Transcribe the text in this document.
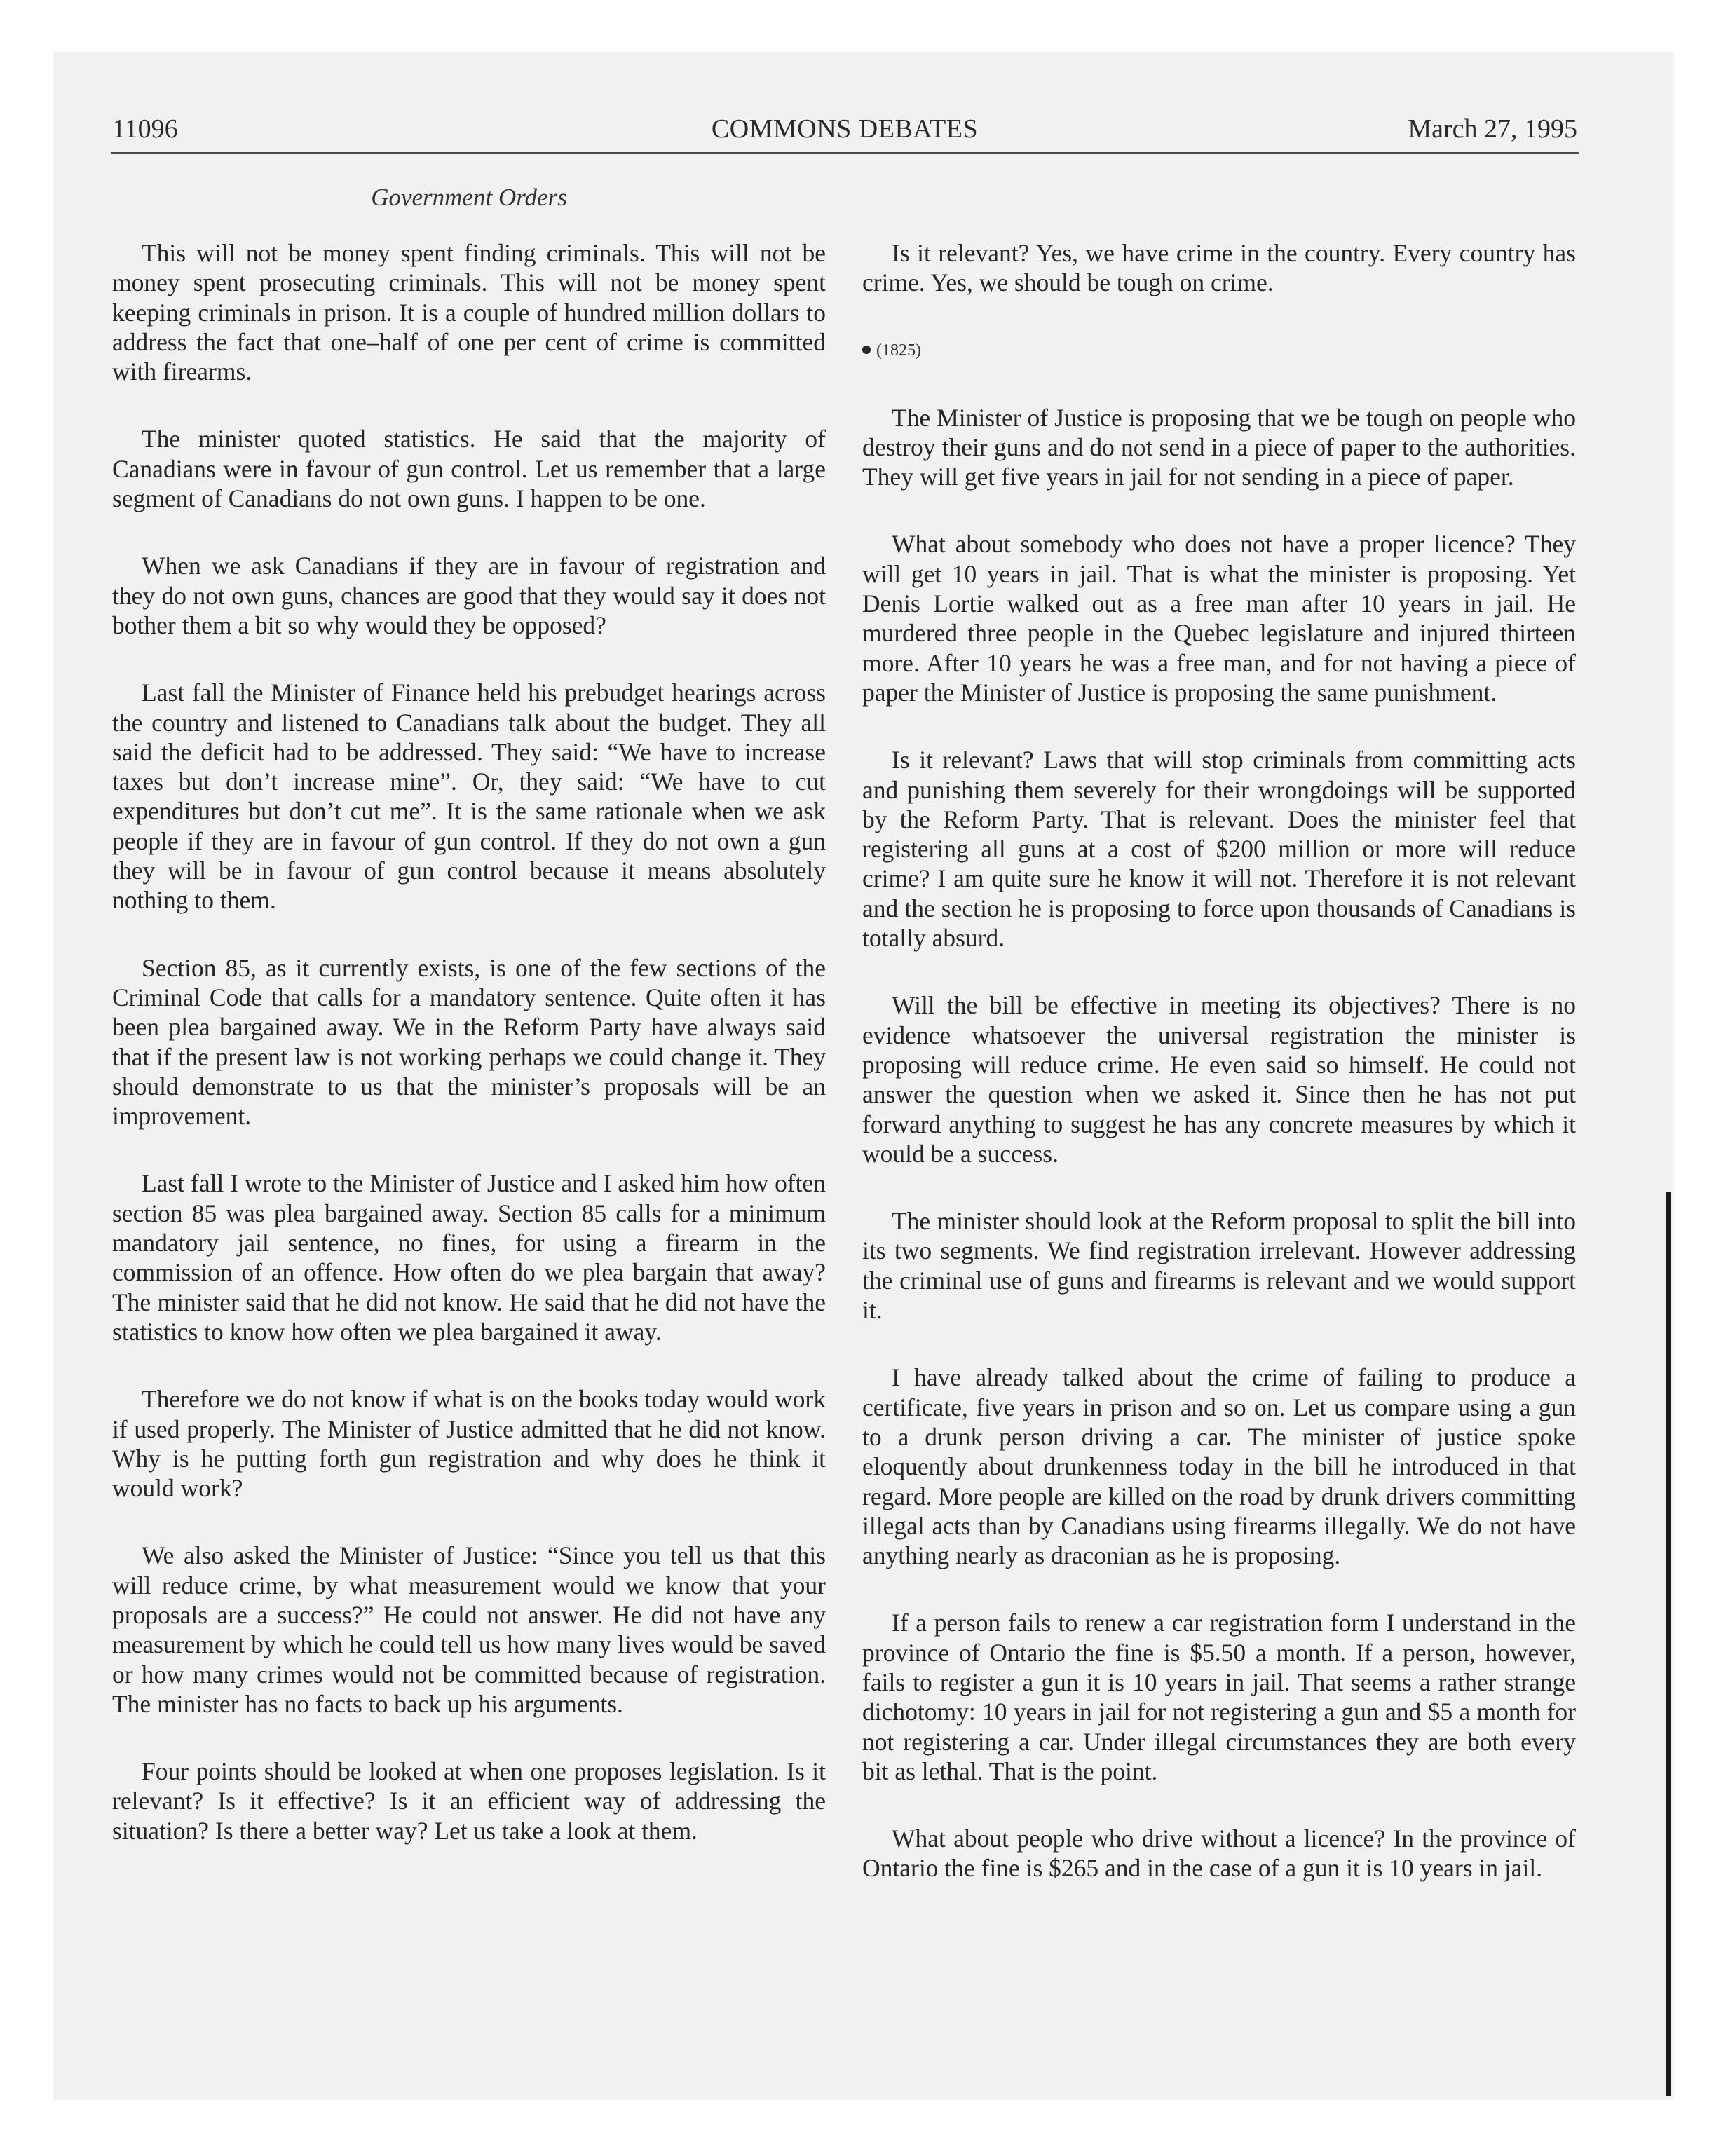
11096	COMMONS DEBATES	March 27, 1995
Government Orders

This will not be money spent finding criminals. This will not be money spent prosecuting criminals. This will not be money spent keeping criminals in prison. It is a couple of hundred million dollars to address the fact that one–half of one per cent of crime is committed with firearms.

The minister quoted statistics. He said that the majority of Canadians were in favour of gun control. Let us remember that a large segment of Canadians do not own guns. I happen to be one.

When we ask Canadians if they are in favour of registration and they do not own guns, chances are good that they would say it does not bother them a bit so why would they be opposed?

Last fall the Minister of Finance held his prebudget hearings across the country and listened to Canadians talk about the budget. They all said the deficit had to be addressed. They said: “We have to increase taxes but don’t increase mine”. Or, they said: “We have to cut expenditures but don’t cut me”. It is the same rationale when we ask people if they are in favour of gun control. If they do not own a gun they will be in favour of gun control because it means absolutely nothing to them.

Section 85, as it currently exists, is one of the few sections of the Criminal Code that calls for a mandatory sentence. Quite often it has been plea bargained away. We in the Reform Party have always said that if the present law is not working perhaps we could change it. They should demonstrate to us that the minister’s proposals will be an improvement.

Last fall I wrote to the Minister of Justice and I asked him how often section 85 was plea bargained away. Section 85 calls for a minimum mandatory jail sentence, no fines, for using a firearm in the commission of an offence. How often do we plea bargain that away? The minister said that he did not know. He said that he did not have the statistics to know how often we plea bargained it away.

Therefore we do not know if what is on the books today would work if used properly. The Minister of Justice admitted that he did not know. Why is he putting forth gun registration and why does he think it would work?

We also asked the Minister of Justice: “Since you tell us that this will reduce crime, by what measurement would we know that your proposals are a success?” He could not answer. He did not have any measurement by which he could tell us how many lives would be saved or how many crimes would not be committed because of registration. The minister has no facts to back up his arguments.

Four points should be looked at when one proposes legislation. Is it relevant? Is it effective? Is it an efficient way of addressing the situation? Is there a better way? Let us take a look at them.

Is it relevant? Yes, we have crime in the country. Every country has crime. Yes, we should be tough on crime.

(1825)

The Minister of Justice is proposing that we be tough on people who destroy their guns and do not send in a piece of paper to the authorities. They will get five years in jail for not sending in a piece of paper.

What about somebody who does not have a proper licence? They will get 10 years in jail. That is what the minister is proposing. Yet Denis Lortie walked out as a free man after 10 years in jail. He murdered three people in the Quebec legislature and injured thirteen more. After 10 years he was a free man, and for not having a piece of paper the Minister of Justice is proposing the same punishment.

Is it relevant? Laws that will stop criminals from committing acts and punishing them severely for their wrongdoings will be supported by the Reform Party. That is relevant. Does the minister feel that registering all guns at a cost of $200 million or more will reduce crime? I am quite sure he know it will not. Therefore it is not relevant and the section he is proposing to force upon thousands of Canadians is totally absurd.

Will the bill be effective in meeting its objectives? There is no evidence whatsoever the universal registration the minister is proposing will reduce crime. He even said so himself. He could not answer the question when we asked it. Since then he has not put forward anything to suggest he has any concrete measures by which it would be a success.

The minister should look at the Reform proposal to split the bill into its two segments. We find registration irrelevant. However addressing the criminal use of guns and firearms is relevant and we would support it.

I have already talked about the crime of failing to produce a certificate, five years in prison and so on. Let us compare using a gun to a drunk person driving a car. The minister of justice spoke eloquently about drunkenness today in the bill he introduced in that regard. More people are killed on the road by drunk drivers committing illegal acts than by Canadians using firearms illegally. We do not have anything nearly as draconian as he is proposing.

If a person fails to renew a car registration form I understand in the province of Ontario the fine is $5.50 a month. If a person, however, fails to register a gun it is 10 years in jail. That seems a rather strange dichotomy: 10 years in jail for not registering a gun and $5 a month for not registering a car. Under illegal circumstances they are both every bit as lethal. That is the point.

What about people who drive without a licence? In the province of Ontario the fine is $265 and in the case of a gun it is 10 years in jail.
